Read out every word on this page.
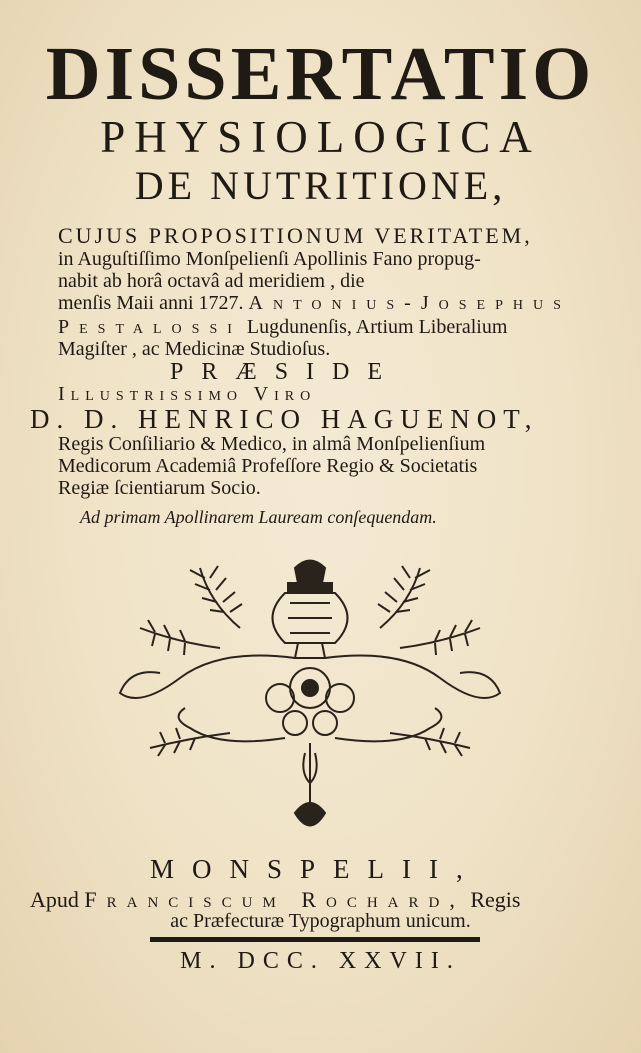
DISSERTATIO
PHYSIOLOGICA
DE NUTRITIONE,
CUJUS PROPOSITIONUM VERITATEM,
in Auguſtiſſimo Monſpelienſi Apollinis Fano propug-
nabit ab horâ octavâ ad meridiem , die
menſis Maii anni 1727. Antonius-Josephus
Pestalossi Lugdunenſis, Artium Liberalium
Magiſter , ac Medicinæ Studioſus.
PRÆSIDE
Illustrissimo Viro
D. D. HENRICO HAGUENOT,
Regis Conſiliario & Medico, in almâ Monſpelienſium
Medicorum Academiâ Profeſſore Regio & Societatis
Regiæ ſcientiarum Socio.
Ad primam Apollinarem Lauream conſequendam.
MONSPELII,
Apud Franciscum Rochard, Regis
ac Præfecturæ Typographum unicum.
M. DCC. XXVII.
